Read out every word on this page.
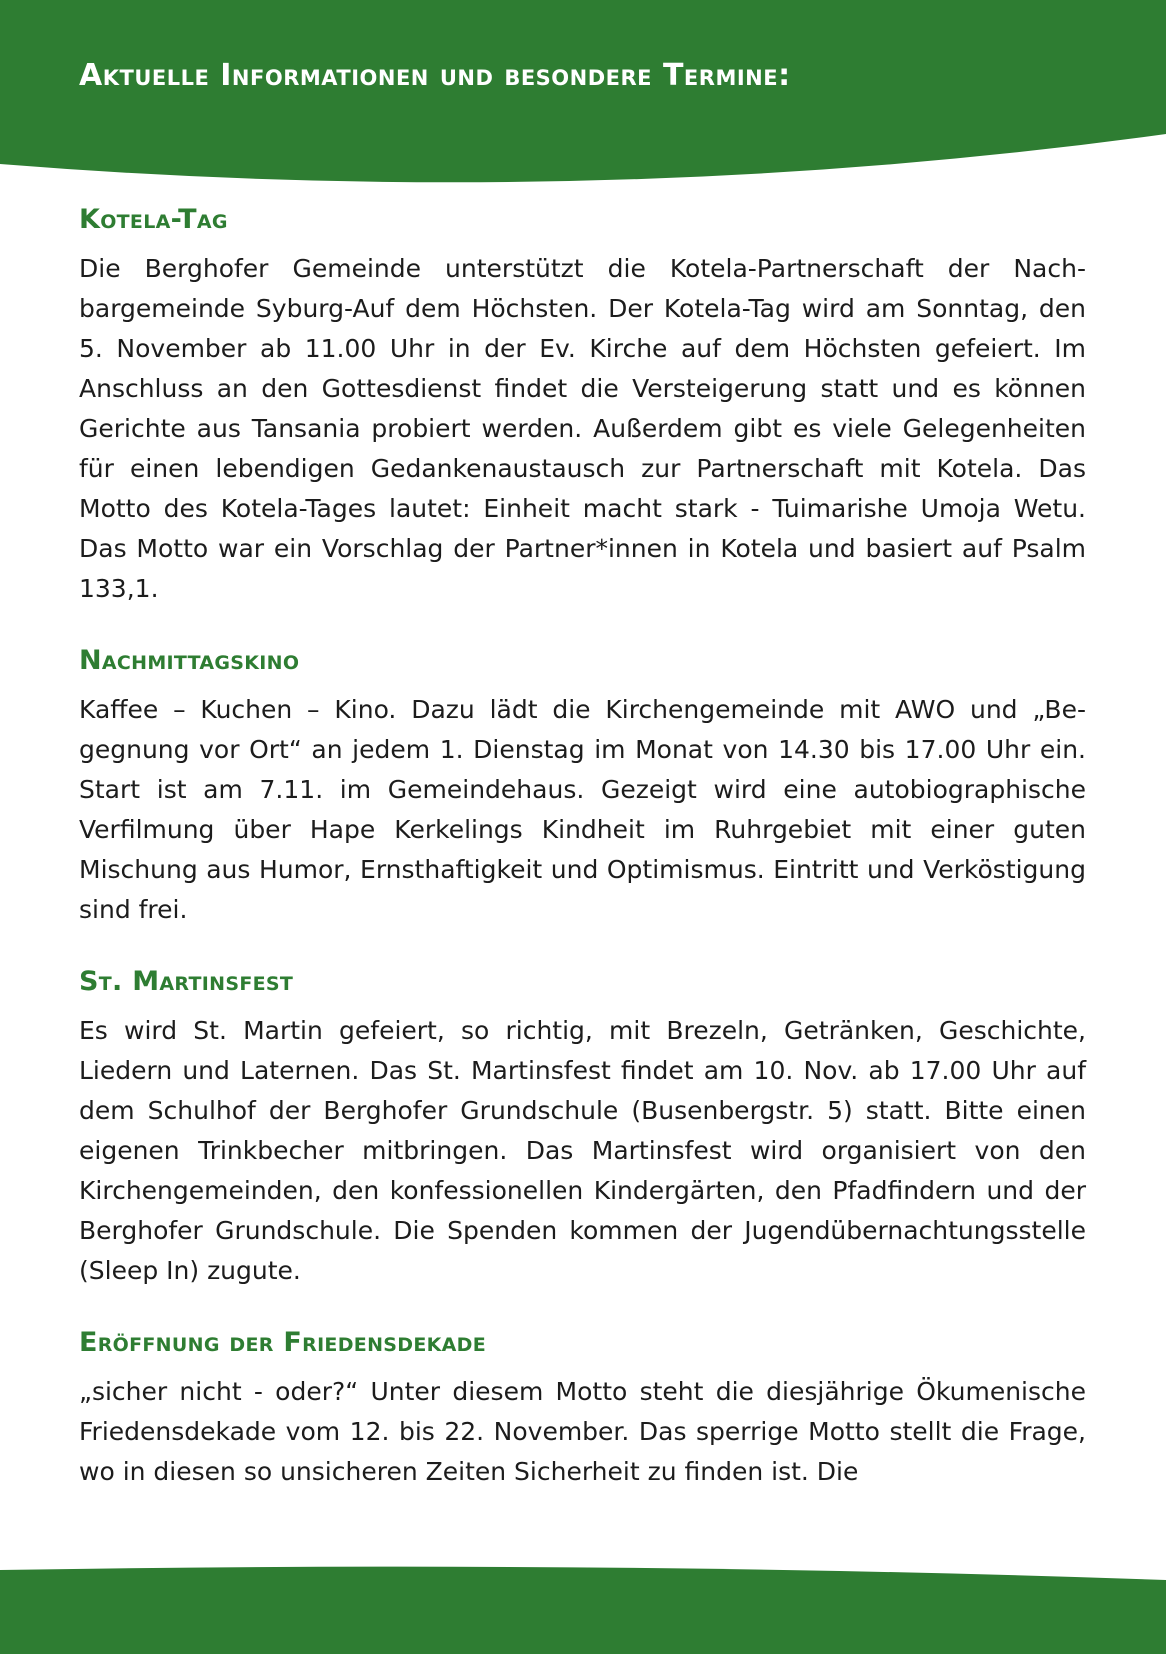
Aktuelle Informationen und besondere Termine:
Kotela-Tag

Die Berghofer Gemeinde unterstützt die Kotela-Partnerschaft der Nachbargemeinde Syburg-Auf dem Höchsten. Der Kotela-Tag wird am Sonntag, den 5. November ab 11.00 Uhr in der Ev. Kirche auf dem Höchsten gefeiert. Im Anschluss an den Gottesdienst findet die Versteigerung statt und es können Gerichte aus Tansania probiert werden. Außerdem gibt es viele Gelegenheiten für einen lebendigen Gedankenaustausch zur Partnerschaft mit Kotela. Das Motto des Kotela-Tages lautet: Einheit macht stark - Tuimarishe Umoja Wetu. Das Motto war ein Vorschlag der Partner*innen in Kotela und basiert auf Psalm 133,1.

Nachmittagskino

Kaffee – Kuchen – Kino. Dazu lädt die Kirchengemeinde mit AWO und „Begegnung vor Ort“ an jedem 1. Dienstag im Monat von 14.30 bis 17.00 Uhr ein. Start ist am 7.11. im Gemeindehaus. Gezeigt wird eine autobiographische Verfilmung über Hape Kerkelings Kindheit im Ruhrgebiet mit einer guten Mischung aus Humor, Ernsthaftigkeit und Optimismus. Eintritt und Verköstigung sind frei.

St. Martinsfest

Es wird St. Martin gefeiert, so richtig, mit Brezeln, Getränken, Geschichte, Liedern und Laternen. Das St. Martinsfest findet am 10. Nov. ab 17.00 Uhr auf dem Schulhof der Berghofer Grundschule (Busenbergstr. 5) statt. Bitte einen eigenen Trinkbecher mitbringen. Das Martinsfest wird organisiert von den Kirchengemeinden, den konfessionellen Kindergärten, den Pfadfindern und der Berghofer Grundschule. Die Spenden kommen der Jugendübernachtungsstelle (Sleep In) zugute.

Eröffnung der Friedensdekade

„sicher nicht - oder?“ Unter diesem Motto steht die diesjährige Ökumenische Friedensdekade vom 12. bis 22. November. Das sperrige Motto stellt die Frage, wo in diesen so unsicheren Zeiten Sicherheit zu finden ist. Die
